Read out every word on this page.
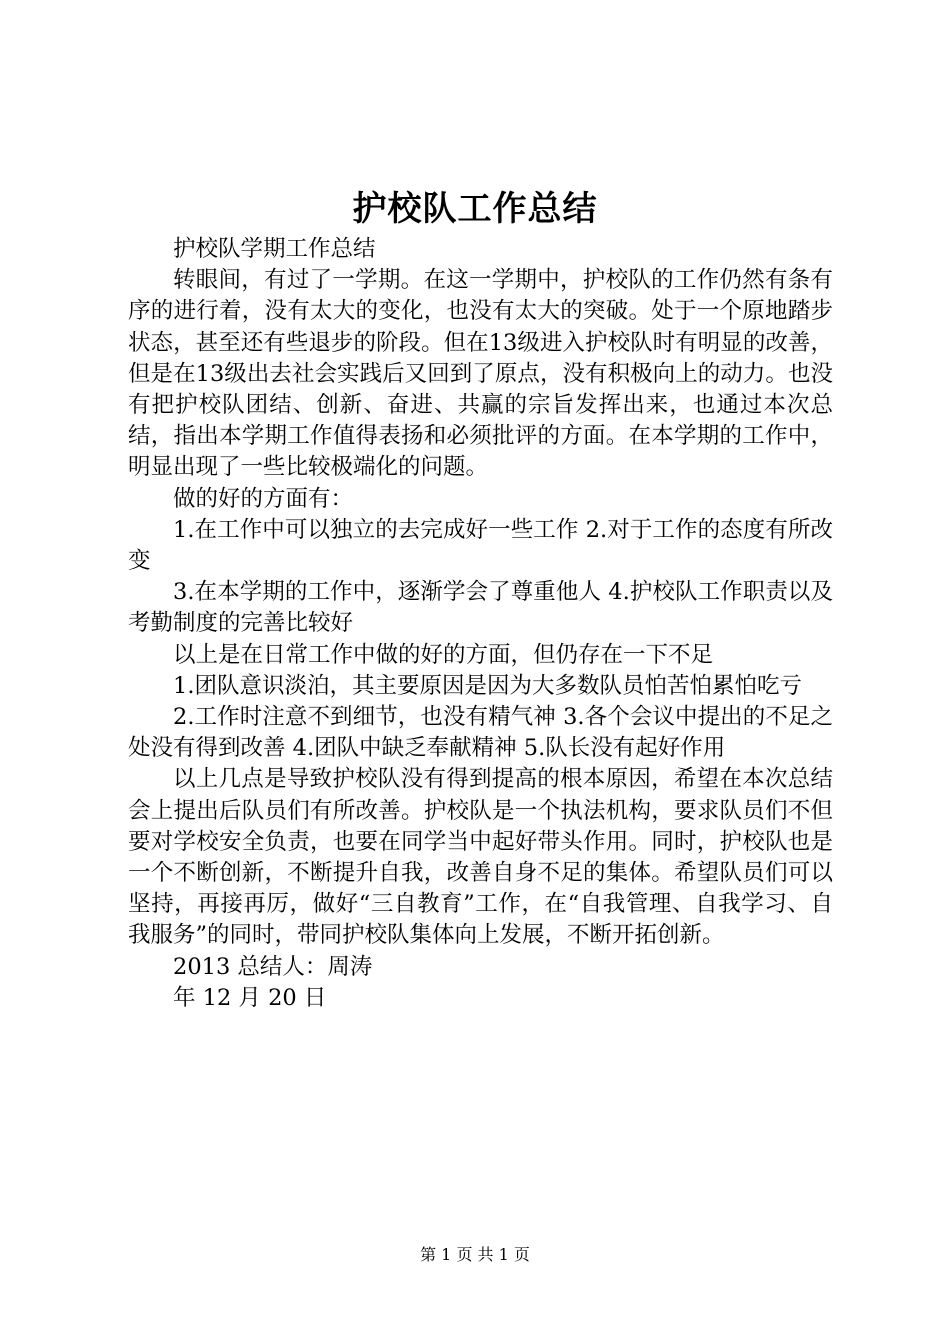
护校队工作总结

护校队学期工作总结

转眼间，有过了一学期。在这一学期中，护校队的工作仍然有条有序的进行着，没有太大的变化，也没有太大的突破。处于一个原地踏步状态，甚至还有些退步的阶段。但在13级进入护校队时有明显的改善，但是在13级出去社会实践后又回到了原点，没有积极向上的动力。也没有把护校队团结、创新、奋进、共赢的宗旨发挥出来，也通过本次总结，指出本学期工作值得表扬和必须批评的方面。在本学期的工作中，明显出现了一些比较极端化的问题。

做的好的方面有：

1.在工作中可以独立的去完成好一些工作 2.对于工作的态度有所改变

3.在本学期的工作中，逐渐学会了尊重他人 4.护校队工作职责以及考勤制度的完善比较好

以上是在日常工作中做的好的方面，但仍存在一下不足

1.团队意识淡泊，其主要原因是因为大多数队员怕苦怕累怕吃亏

2.工作时注意不到细节，也没有精气神 3.各个会议中提出的不足之处没有得到改善 4.团队中缺乏奉献精神 5.队长没有起好作用

以上几点是导致护校队没有得到提高的根本原因，希望在本次总结会上提出后队员们有所改善。护校队是一个执法机构，要求队员们不但要对学校安全负责，也要在同学当中起好带头作用。同时，护校队也是一个不断创新，不断提升自我，改善自身不足的集体。希望队员们可以坚持，再接再厉，做好“三自教育”工作，在“自我管理、自我学习、自我服务”的同时，带同护校队集体向上发展，不断开拓创新。

2013 总结人：周涛

年 12 月 20 日

第 1 页 共 1 页
